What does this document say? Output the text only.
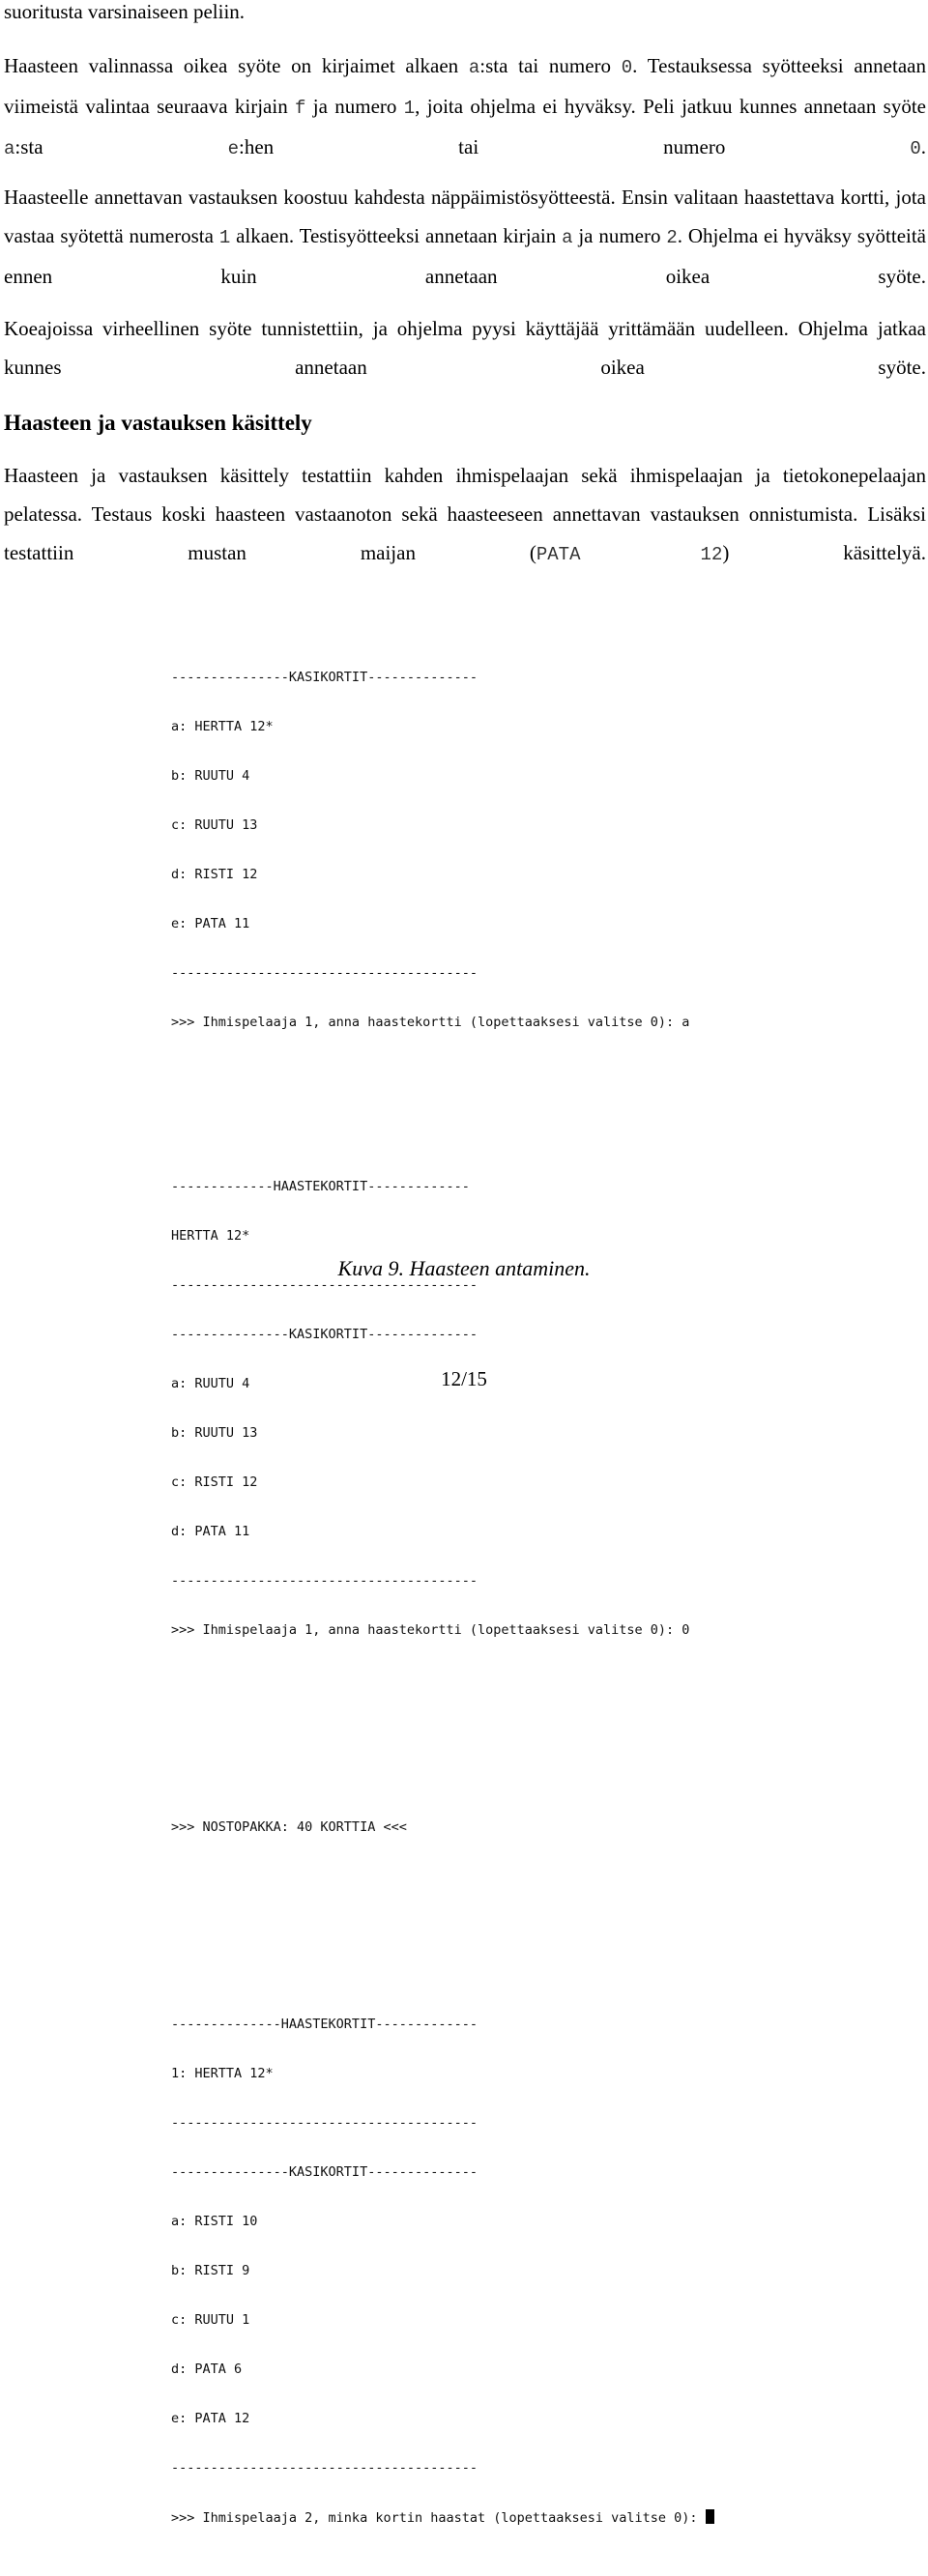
suoritusta varsinaiseen peliin.

Haasteen valinnassa oikea syöte on kirjaimet alkaen a:sta tai numero 0. Testauksessa syötteeksi annetaan viimeistä valintaa seuraava kirjain f ja numero 1, joita ohjelma ei hyväksy. Peli jatkuu kunnes annetaan syöte a:sta e:hen tai numero 0.

Haasteelle annettavan vastauksen koostuu kahdesta näppäimistösyötteestä. Ensin valitaan haastettava kortti, jota vastaa syötettä numerosta 1 alkaen. Testisyötteeksi annetaan kirjain a ja numero 2. Ohjelma ei hyväksy syötteitä ennen kuin annetaan oikea syöte.

Koeajoissa virheellinen syöte tunnistettiin, ja ohjelma pyysi käyttäjää yrittämään uudelleen. Ohjelma jatkaa kunnes annetaan oikea syöte.

Haasteen ja vastauksen käsittely

Haasteen ja vastauksen käsittely testattiin kahden ihmispelaajan sekä ihmispelaajan ja tietokonepelaajan pelatessa. Testaus koski haasteen vastaanoton sekä haasteeseen annettavan vastauksen onnistumista. Lisäksi testattiin mustan maijan (PATA 12) käsittelyä.

---------------KASIKORTIT--------------

a: HERTTA 12*

b: RUUTU 4

c: RUUTU 13

d: RISTI 12

e: PATA 11

---------------------------------------

>>> Ihmispelaaja 1, anna haastekortti (lopettaaksesi valitse 0): a

-------------HAASTEKORTIT-------------

HERTTA 12*

---------------------------------------

---------------KASIKORTIT--------------

a: RUUTU 4

b: RUUTU 13

c: RISTI 12

d: PATA 11

---------------------------------------

>>> Ihmispelaaja 1, anna haastekortti (lopettaaksesi valitse 0): 0

>>> NOSTOPAKKA: 40 KORTTIA <<<

--------------HAASTEKORTIT-------------

1: HERTTA 12*

---------------------------------------

---------------KASIKORTIT--------------

a: RISTI 10

b: RISTI 9

c: RUUTU 1

d: PATA 6

e: PATA 12

---------------------------------------

>>> Ihmispelaaja 2, minka kortin haastat (lopettaaksesi valitse 0):

Kuva 9. Haasteen antaminen.
12/15
